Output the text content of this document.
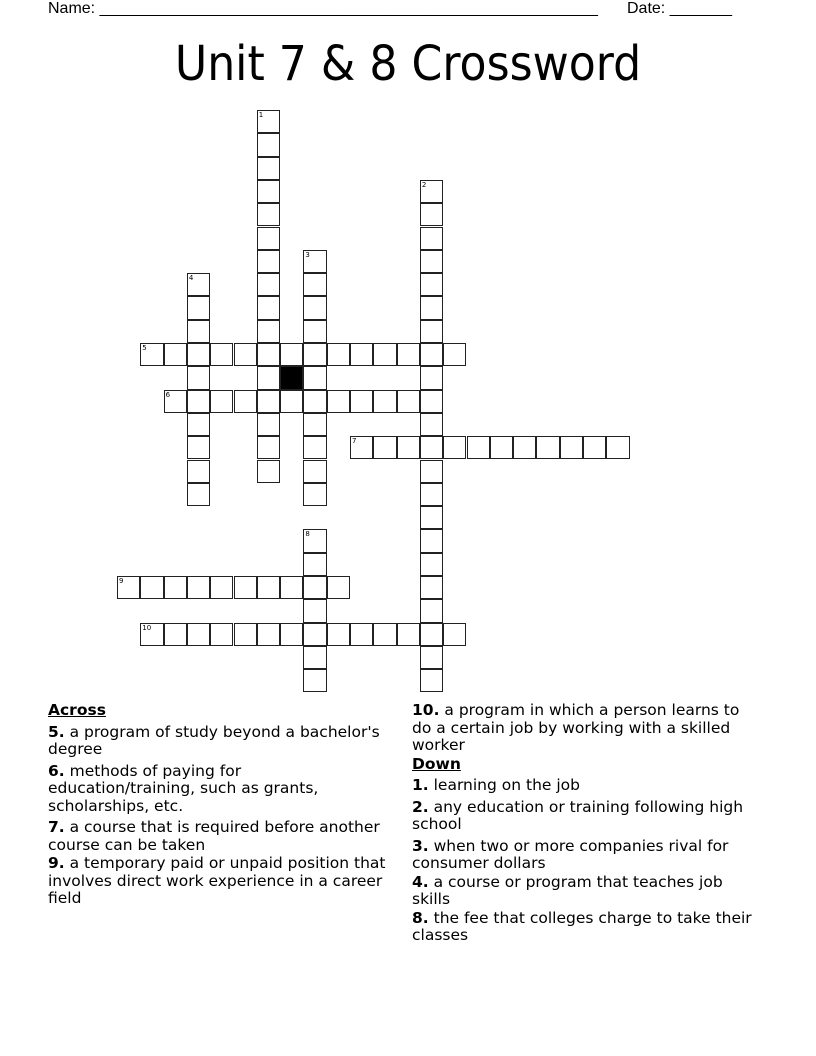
Name: ________________________________________________________ Date: _______
Unit 7 & 8 Crossword
1
2
3
4
5
6
7
8
9
10
Across
5. a program of study beyond a bachelor's degree
6. methods of paying for education/training, such as grants, scholarships, etc.
7. a course that is required before another course can be taken
9. a temporary paid or unpaid position that involves direct work experience in a career field
10. a program in which a person learns to do a certain job by working with a skilled worker
Down
1. learning on the job
2. any education or training following high school
3. when two or more companies rival for consumer dollars
4. a course or program that teaches job skills
8. the fee that colleges charge to take their classes
